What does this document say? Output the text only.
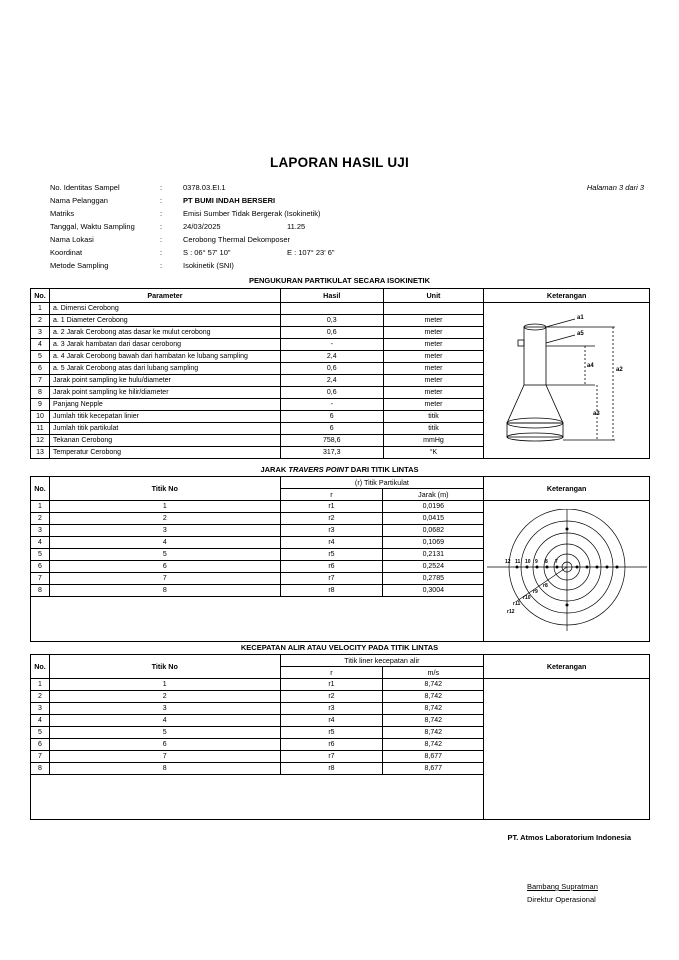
LAPORAN HASIL UJI
Halaman 3 dari 3
No. Identitas Sampel	:	0378.03.EI.1
Nama Pelanggan	:	PT BUMI INDAH BERSERI
Matriks	:	Emisi Sumber Tidak Bergerak (Isokinetik)
Tanggal, Waktu Sampling	:	24/03/2025	11.25
Nama Lokasi	:	Cerobong Thermal Dekomposer
Koordinat	:	S : 06° 57' 10"	E : 107° 23' 6"
Metode Sampling	:	Isokinetik (SNI)
PENGUKURAN PARTIKULAT SECARA ISOKINETIK
No.	Parameter	Hasil	Unit	Keterangan
1	a. Dimensi Cerobong			
2	a. 1 Diameter Cerobong	0,3	meter	
3	a. 2 Jarak Cerobong atas dasar ke mulut cerobong	0,6	meter	
4	a. 3 Jarak hambatan dari dasar cerobong	-	meter	
5	a. 4 Jarak Cerobong bawah dari hambatan ke lubang sampling	2,4	meter	
6	a. 5 Jarak Cerobong atas dari lubang sampling	0,6	meter	
7	Jarak point sampling ke hulu/diameter	2,4	meter	
8	Jarak point sampling ke hilir/diameter	0,6	meter	
9	Panjang Nepple	-	meter	
10	Jumlah titik kecepatan linier	6	titik	
11	Jumlah titik partikulat	6	titik	
12	Tekanan Cerobong	758,6	mmHg	
13	Temperatur Cerobong	317,3	°K	
a1
a5
a4
a2
a3
JARAK TRAVERS POINT DARI TITIK LINTAS
No.	Titik No	(r) Titik Partikulat		Keterangan
		r	Jarak (m)	
1	1	r1	0,0196	
2	2	r2	0,0415	
3	3	r3	0,0682	
4	4	r4	0,1069	
5	5	r5	0,2131	
6	6	r6	0,2524	
7	7	r7	0,2785	
8	8	r8	0,3004	

12 11 10 9 8 7
r12
r11
r10
r9
r8
KECEPATAN ALIR ATAU VELOCITY PADA TITIK LINTAS
No.	Titik No	Titik liner kecepatan alir		Keterangan
		r	m/s	
1	1	r1	8,742	
2	2	r2	8,742	
3	3	r3	8,742	
4	4	r4	8,742	
5	5	r5	8,742	
6	6	r6	8,742	
7	7	r7	8,677	
8	8	r8	8,677	

PT. Atmos Laboratorium Indonesia
Bambang Supratman
Direktur Operasional
